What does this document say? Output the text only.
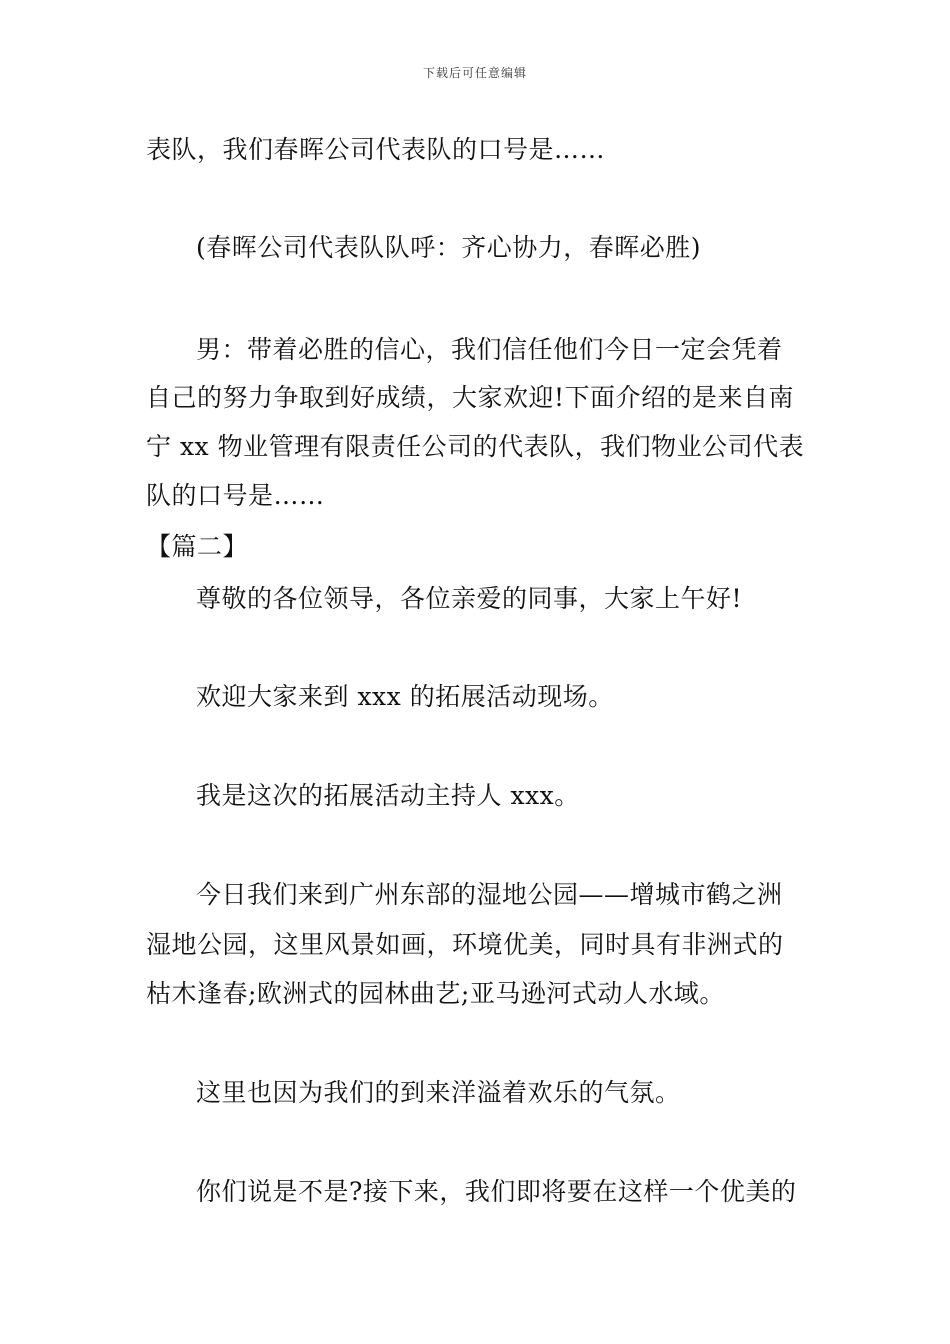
下载后可任意编辑
表队，我们春晖公司代表队的口号是……
(春晖公司代表队队呼：齐心协力，春晖必胜)
男：带着必胜的信心，我们信任他们今日一定会凭着
自己的努力争取到好成绩，大家欢迎!下面介绍的是来自南
宁 xx 物业管理有限责任公司的代表队，我们物业公司代表
队的口号是……
【篇二】
尊敬的各位领导，各位亲爱的同事，大家上午好!
欢迎大家来到 xxx 的拓展活动现场。
我是这次的拓展活动主持人 xxx。
今日我们来到广州东部的湿地公园——增城市鹤之洲
湿地公园，这里风景如画，环境优美，同时具有非洲式的
枯木逢春;欧洲式的园林曲艺;亚马逊河式动人水域。
这里也因为我们的到来洋溢着欢乐的气氛。
你们说是不是?接下来，我们即将要在这样一个优美的
